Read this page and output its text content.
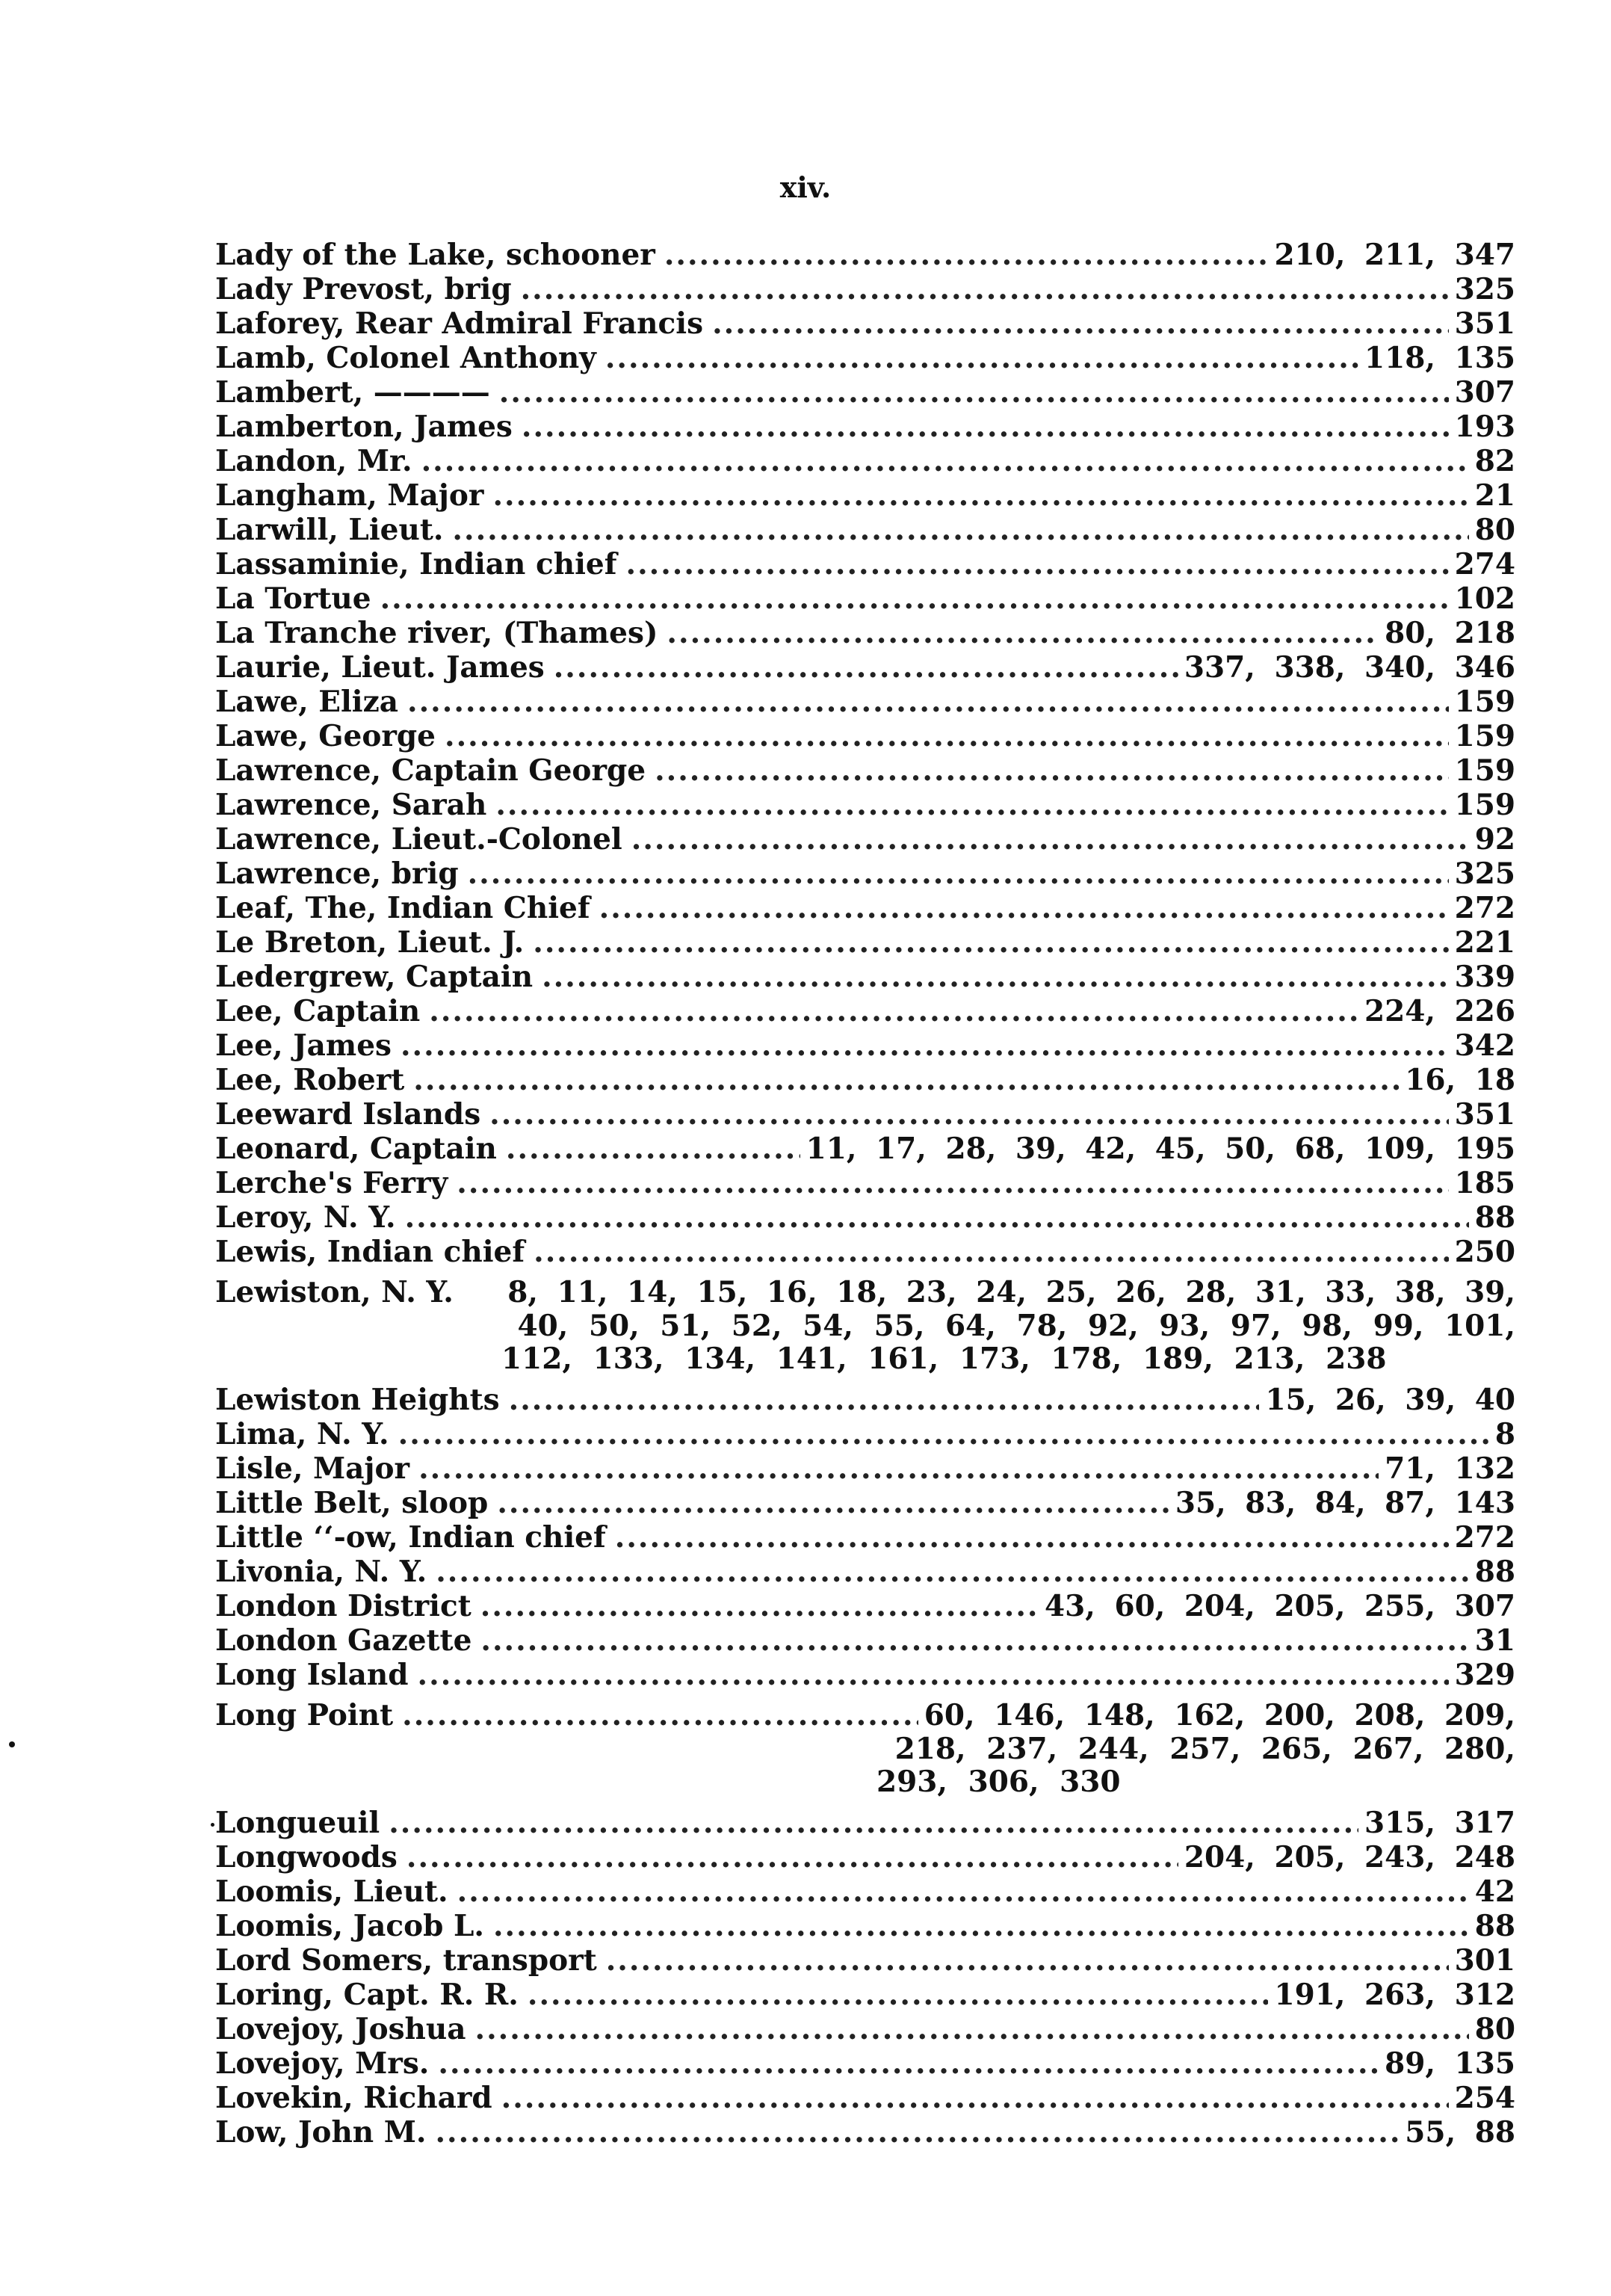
xiv.
Lady of the Lake, schooner .....	210, 211, 347
Lady Prevost, brig .....	325
Laforey, Rear Admiral Francis .....	351
Lamb, Colonel Anthony .....	118, 135
Lambert, ———— .....	307
Lamberton, James .....	193
Landon, Mr. .....	82
Langham, Major .....	21
Larwill, Lieut. .....	80
Lassaminie, Indian chief .....	274
La Tortue .....	102
La Tranche river, (Thames) .....	80, 218
Laurie, Lieut. James .....	337, 338, 340, 346
Lawe, Eliza .....	159
Lawe, George .....	159
Lawrence, Captain George .....	159
Lawrence, Sarah .....	159
Lawrence, Lieut.-Colonel .....	92
Lawrence, brig .....	325
Leaf, The, Indian Chief .....	272
Le Breton, Lieut. J. .....	221
Ledergrew, Captain .....	339
Lee, Captain .....	224, 226
Lee, James .....	342
Lee, Robert .....	16, 18
Leeward Islands .....	351
Leonard, Captain .....	11, 17, 28, 39, 42, 45, 50, 68, 109, 195
Lerche's Ferry .....	185
Leroy, N. Y. .....	88
Lewis, Indian chief .....	250
Lewiston, N. Y.	8, 11, 14, 15, 16, 18, 23, 24, 25, 26, 28, 31, 33, 38, 39,
40, 50, 51, 52, 54, 55, 64, 78, 92, 93, 97, 98, 99, 101,
112, 133, 134, 141, 161, 173, 178, 189, 213, 238
Lewiston Heights .....	15, 26, 39, 40
Lima, N. Y. .....	8
Lisle, Major .....	71, 132
Little Belt, sloop .....	35, 83, 84, 87, 143
Little ʻʻ-ow, Indian chief .....	272
Livonia, N. Y. .....	88
London District .....	43, 60, 204, 205, 255, 307
London Gazette .....	31
Long Island .....	329
Long Point .....	60, 146, 148, 162, 200, 208, 209,
218, 237, 244, 257, 265, 267, 280,
293, 306, 330
Longueuil .....	315, 317
Longwoods .....	204, 205, 243, 248
Loomis, Lieut. .....	42
Loomis, Jacob L. .....	88
Lord Somers, transport .....	301
Loring, Capt. R. R. .....	191, 263, 312
Lovejoy, Joshua .....	80
Lovejoy, Mrs. .....	89, 135
Lovekin, Richard .....	254
Low, John M. .....	55, 88
